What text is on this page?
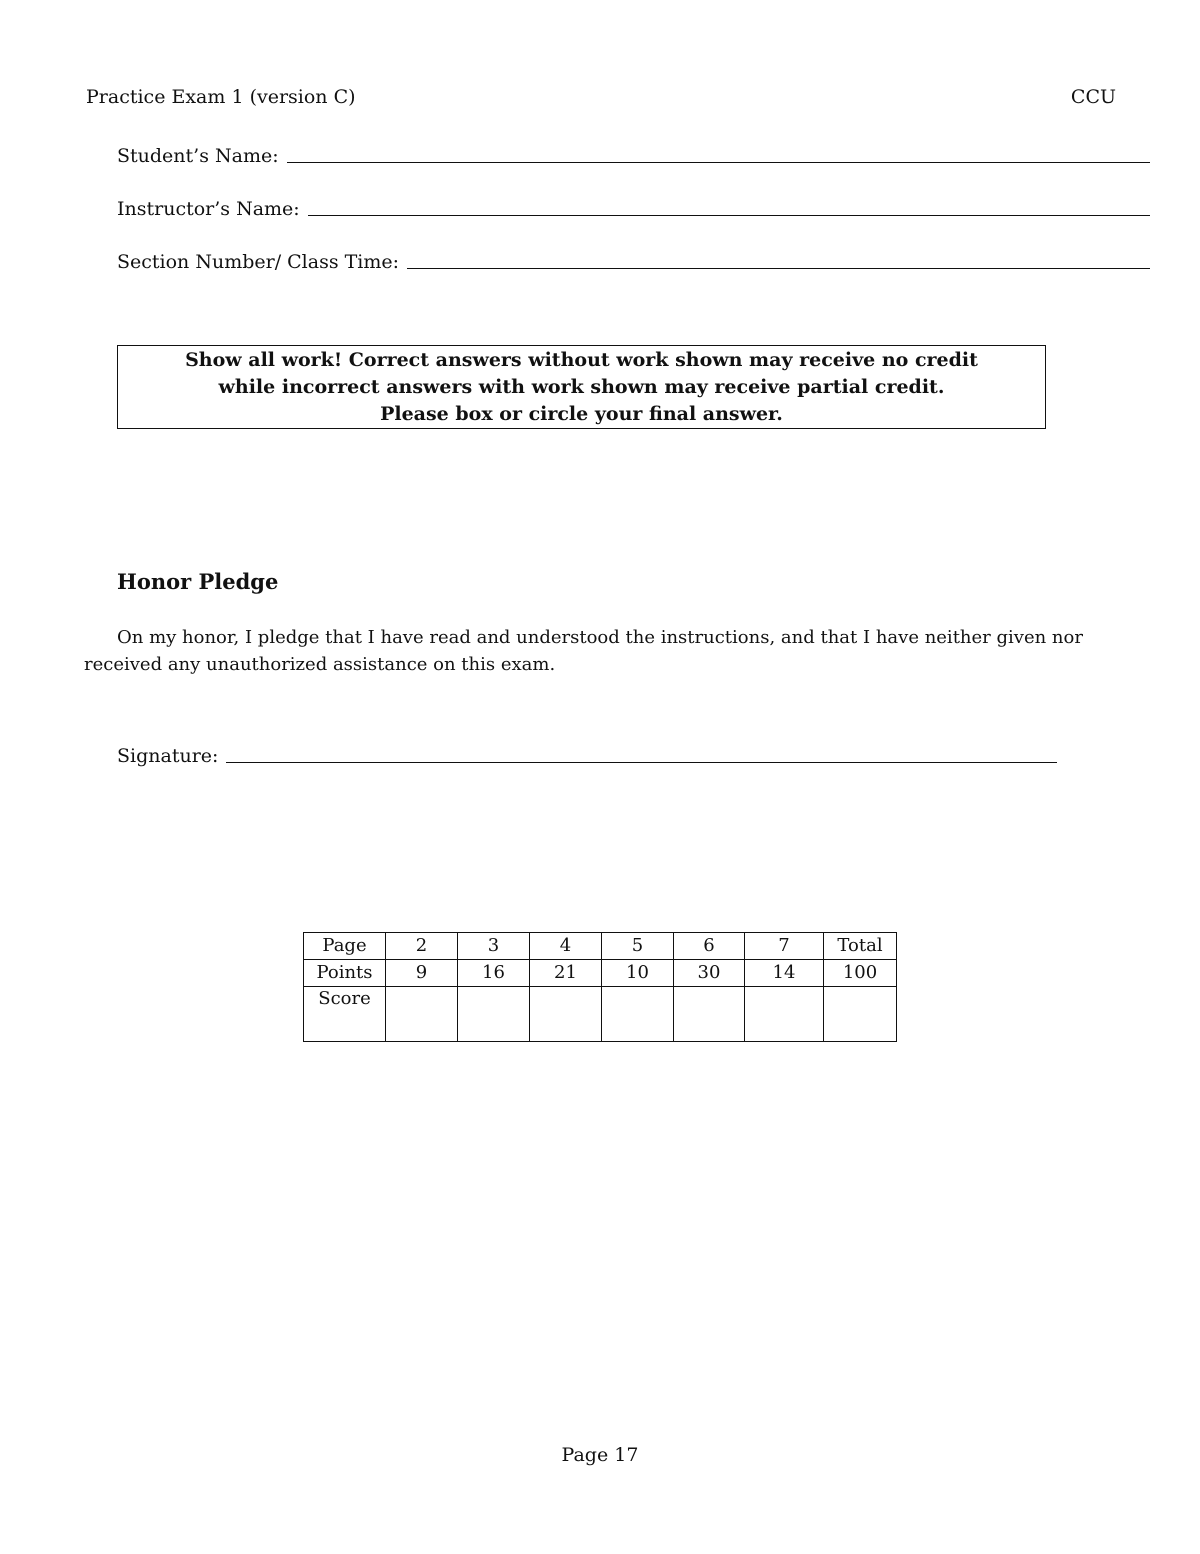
Practice Exam 1 (version C)	CCU
Student’s Name:
Instructor’s Name:
Section Number/ Class Time:
Show all work! Correct answers without work shown may receive no credit
while incorrect answers with work shown may receive partial credit.
Please box or circle your final answer.
Honor Pledge
On my honor, I pledge that I have read and understood the instructions, and that I have neither given nor received any unauthorized assistance on this exam.
Signature:
Page	2	3	4	5	6	7	Total
Points	9	16	21	10	30	14	100
Score							
Page 17
